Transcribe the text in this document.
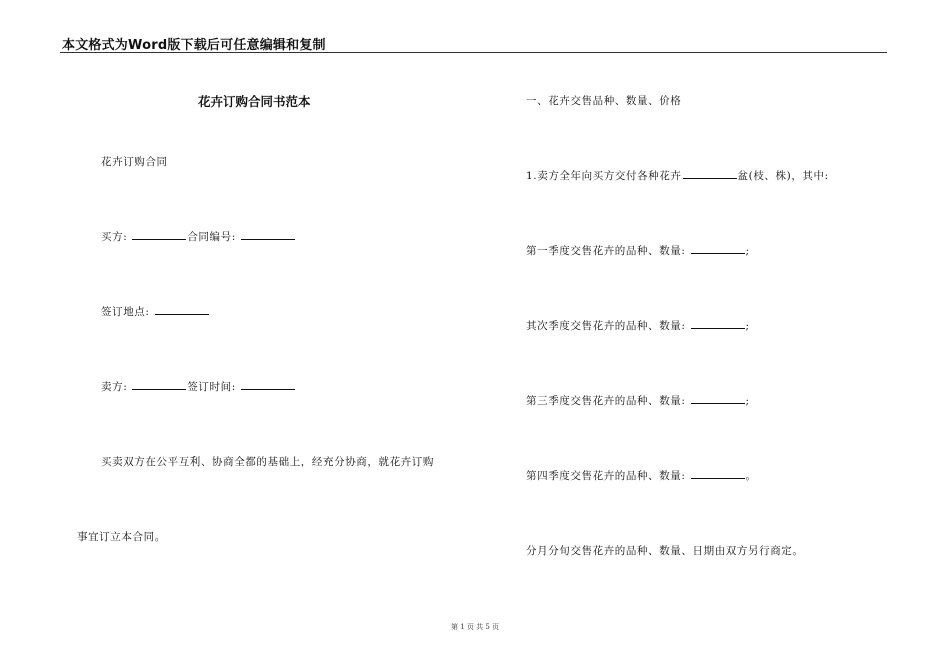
本文格式为Word版下载后可任意编辑和复制
花卉订购合同书范本
花卉订购合同
买方:	合同编号:
签订地点:
卖方:	签订时间:
买卖双方在公平互利、协商全都的基础上，经充分协商，就花卉订购
事宜订立本合同。
一、花卉交售品种、数量、价格
1.卖方全年向买方交付各种花卉	盆(枝、株)，其中:
第一季度交售花卉的品种、数量:	;
其次季度交售花卉的品种、数量:	;
第三季度交售花卉的品种、数量:	;
第四季度交售花卉的品种、数量:	。
分月分旬交售花卉的品种、数量、日期由双方另行商定。
第 1 页 共 5 页
